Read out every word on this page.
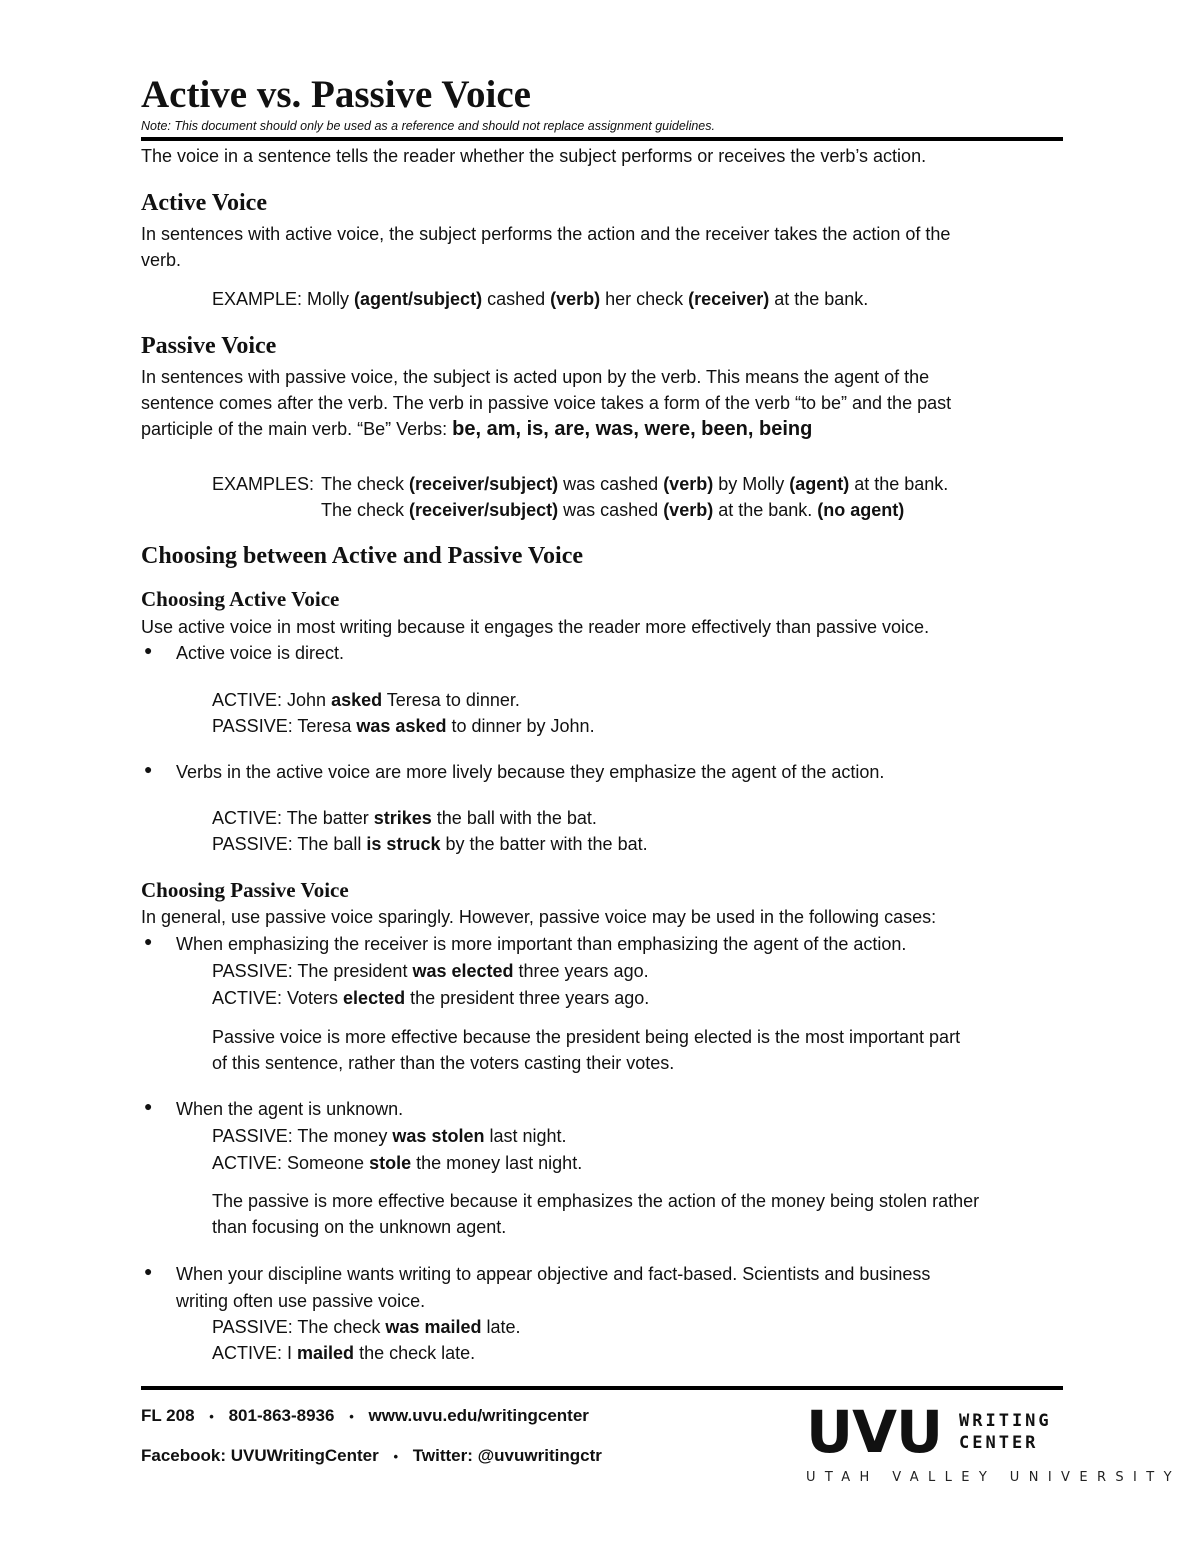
Active vs. Passive Voice
Note: This document should only be used as a reference and should not replace assignment guidelines.
The voice in a sentence tells the reader whether the subject performs or receives the verb’s action.
Active Voice
In sentences with active voice, the subject performs the action and the receiver takes the action of the
verb.
EXAMPLE: Molly (agent/subject) cashed (verb) her check (receiver) at the bank.
Passive Voice
In sentences with passive voice, the subject is acted upon by the verb. This means the agent of the
sentence comes after the verb. The verb in passive voice takes a form of the verb “to be” and the past
participle of the main verb. “Be” Verbs: be, am, is, are, was, were, been, being
EXAMPLES: The check (receiver/subject) was cashed (verb) by Molly (agent) at the bank.
The check (receiver/subject) was cashed (verb) at the bank. (no agent)
Choosing between Active and Passive Voice
Choosing Active Voice
Use active voice in most writing because it engages the reader more effectively than passive voice.
● Active voice is direct.
ACTIVE: John asked Teresa to dinner.
PASSIVE: Teresa was asked to dinner by John.
● Verbs in the active voice are more lively because they emphasize the agent of the action.
ACTIVE: The batter strikes the ball with the bat.
PASSIVE: The ball is struck by the batter with the bat.
Choosing Passive Voice
In general, use passive voice sparingly. However, passive voice may be used in the following cases:
● When emphasizing the receiver is more important than emphasizing the agent of the action.
PASSIVE: The president was elected three years ago.
ACTIVE: Voters elected the president three years ago.
Passive voice is more effective because the president being elected is the most important part
of this sentence, rather than the voters casting their votes.
● When the agent is unknown.
PASSIVE: The money was stolen last night.
ACTIVE: Someone stole the money last night.
The passive is more effective because it emphasizes the action of the money being stolen rather
than focusing on the unknown agent.
● When your discipline wants writing to appear objective and fact-based. Scientists and business
writing often use passive voice.
PASSIVE: The check was mailed late.
ACTIVE: I mailed the check late.
FL 208 • 801-863-8936 • www.uvu.edu/writingcenter
Facebook: UVUWritingCenter • Twitter: @uvuwritingctr	UVU WRITING
CENTER
UTAH VALLEY UNIVERSITY
